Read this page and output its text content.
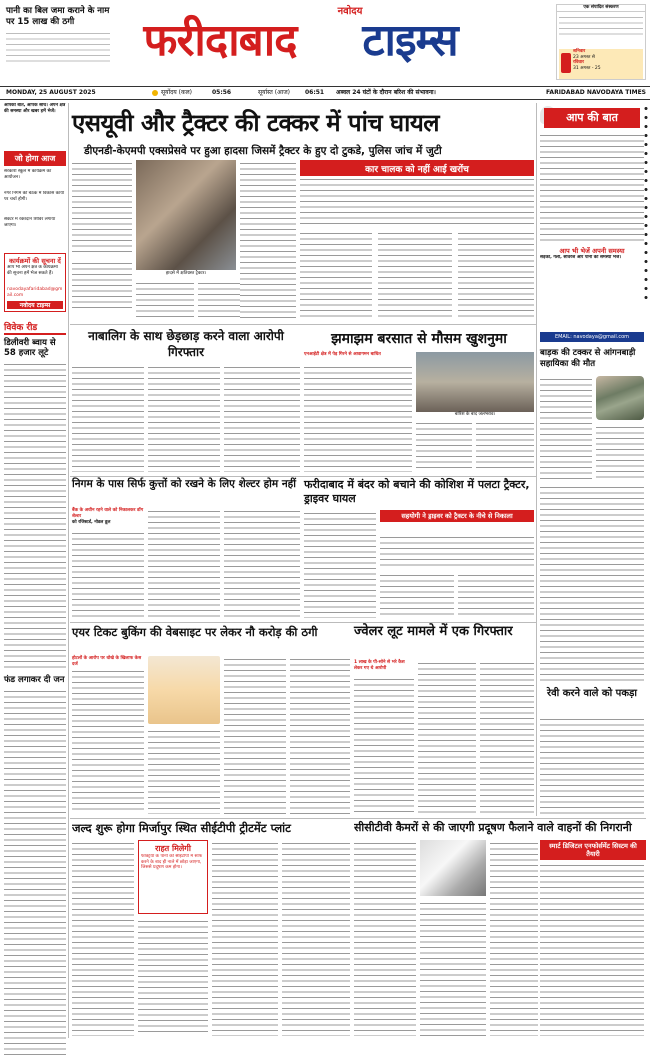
पानी का बिल जमा कराने के नाम पर 15 लाख की ठगी
नवोदय
फरीदाबाद	टाइम्स
एक संपादित संस्करण
शनिवार
23 अगस्त से
रविवार
31 अगस्त - 25
MONDAY, 25 AUGUST 2025	सूर्योदय (कल)	05:56	सूर्यास्त (आज) 06:51 अब्वल 24 घंटों के दौरान बरिश की संभावना।	FARIDABAD NAVODAYA TIMES
आपकी बात, आपके साथ। अपने क्षेत्र की समस्या और खबर हमें भेजें।
जो होगा आज
सरकारी स्कूल में कार्यक्रम का आयोजन।
नगर निगम की बैठक में विकास कार्यों पर चर्चा होगी।
सेक्टर में रक्तदान शिविर लगाया जाएगा।
कार्यक्रमों की सूचना दें
आप भी अपने क्षेत्र के कार्यक्रमों की सूचना हमें भेज सकते हैं।
navodayafaridabad@gmail.com
नवोदय टाइम्स
विवेक रीड
डिलीवरी ब्वाय से 58 हजार लूटे
फंड लगाकर दी जन
एसयूवी और ट्रैक्टर की टक्कर में पांच घायल
डीएनडी-केएमपी एक्सप्रेसवे पर हुआ हादसा जिसमें ट्रैक्टर के हुए दो टुकडे, पुलिस जांच में जुटी
हादसे में क्षतिग्रस्त ट्रैक्टर।
कार चालक को नहीं आई खरोंच
आप की बात
आप भी भेजें अपनी समस्या
सड़कों, गली, सीवरेज और पानी की समस्या भेजें।
EMAIL: navodaya@gmail.com
बाड़क की टक्कर से आंगनबाड़ी सहायिका की मौत
रेवी करने वाले को पकड़ा
नाबालिग के साथ छेड़छाड़ करने वाला आरोपी गिरफ्तार
झमाझम बरसात से मौसम खुशनुमा
एनआईटी क्षेत्र में पेड़ गिरने से आवागमन बाधित
बारिश के बाद जलभराव।
निगम के पास सिर्फ कुत्तों को रखने के लिए शेल्टर होम नहीं
बैंक के अधीन रहने वाले को निकालकर डॉग शेल्टर
को रजिस्टर्ड, नोडल डूल
फरीदाबाद में बंदर को बचाने की कोशिश में पलटा ट्रैक्टर, ड्राइवर घायल
सहयोगी ने ड्राइवर को ट्रैक्टर के नीचे से निकाला
एयर टिकट बुकिंग की वेबसाइट पर लेकर नौ करोड़ की ठगी
होटलों के आरोप पर धोखे के खिलाफ केस दर्ज
ज्वेलर लूट मामले में एक गिरफ्तार
1 लाख के पी-सोने से भरे कैश लेकर गए थे आरोपी
जल्द शुरू होगा मिर्जापुर स्थित सीईटीपी ट्रीटमेंट प्लांट
राहत मिलेगी
फैक्ट्रियों के पानी को सीईटीपी में साफ करने के बाद ही नाले में छोड़ा जाएगा, जिससे प्रदूषण कम होगा।
सीसीटीवी कैमरों से की जाएगी प्रदूषण फैलाने वाले वाहनों की निगरानी
स्मार्ट डिजिटल एनफोर्समेंट सिस्टम की तैयारी
